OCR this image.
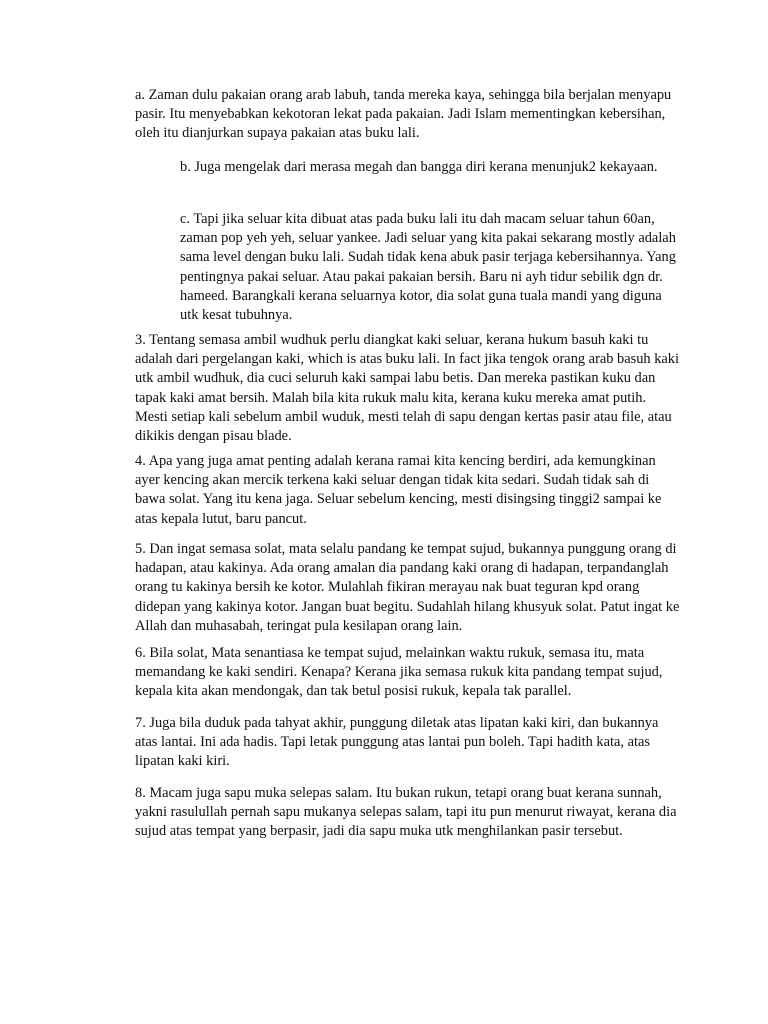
a. Zaman dulu pakaian orang arab labuh, tanda mereka kaya, sehingga bila berjalan menyapu pasir. Itu menyebabkan kekotoran lekat pada pakaian. Jadi Islam mementingkan kebersihan, oleh itu dianjurkan supaya pakaian atas buku lali.

b. Juga mengelak dari merasa megah dan bangga diri kerana menunjuk2 kekayaan.

c. Tapi jika seluar kita dibuat atas pada buku lali itu dah macam seluar tahun 60an, zaman pop yeh yeh, seluar yankee. Jadi seluar yang kita pakai sekarang mostly adalah sama level dengan buku lali. Sudah tidak kena abuk pasir terjaga kebersihannya. Yang pentingnya pakai seluar. Atau pakai pakaian bersih. Baru ni ayh tidur sebilik dgn dr. hameed. Barangkali kerana seluarnya kotor, dia solat guna tuala mandi yang diguna utk kesat tubuhnya.

3. Tentang semasa ambil wudhuk perlu diangkat kaki seluar, kerana hukum basuh kaki tu adalah dari pergelangan kaki, which is atas buku lali. In fact jika tengok orang arab basuh kaki utk ambil wudhuk, dia cuci seluruh kaki sampai labu betis. Dan mereka pastikan kuku dan tapak kaki amat bersih. Malah bila kita rukuk malu kita, kerana kuku mereka amat putih. Mesti setiap kali sebelum ambil wuduk, mesti telah di sapu dengan kertas pasir atau file, atau dikikis dengan pisau blade.

4. Apa yang juga amat penting adalah kerana ramai kita kencing berdiri, ada kemungkinan ayer kencing akan mercik terkena kaki seluar dengan tidak kita sedari. Sudah tidak sah di bawa solat. Yang itu kena jaga. Seluar sebelum kencing, mesti disingsing tinggi2 sampai ke atas kepala lutut, baru pancut.

5. Dan ingat semasa solat, mata selalu pandang ke tempat sujud, bukannya punggung orang di hadapan, atau kakinya. Ada orang amalan dia pandang kaki orang di hadapan, terpandanglah orang tu kakinya bersih ke kotor. Mulahlah fikiran merayau nak buat teguran kpd orang didepan yang kakinya kotor. Jangan buat begitu. Sudahlah hilang khusyuk solat. Patut ingat ke Allah dan muhasabah, teringat pula kesilapan orang lain.

6. Bila solat, Mata senantiasa ke tempat sujud, melainkan waktu rukuk, semasa itu, mata memandang ke kaki sendiri. Kenapa? Kerana jika semasa rukuk kita pandang tempat sujud, kepala kita akan mendongak, dan tak betul posisi rukuk, kepala tak parallel.

7. Juga bila duduk pada tahyat akhir, punggung diletak atas lipatan kaki kiri, dan bukannya atas lantai. Ini ada hadis. Tapi letak punggung atas lantai pun boleh. Tapi hadith kata, atas lipatan kaki kiri.

8. Macam juga sapu muka selepas salam. Itu bukan rukun, tetapi orang buat kerana sunnah, yakni rasulullah pernah sapu mukanya selepas salam, tapi itu pun menurut riwayat, kerana dia sujud atas tempat yang berpasir, jadi dia sapu muka utk menghilankan pasir tersebut.
